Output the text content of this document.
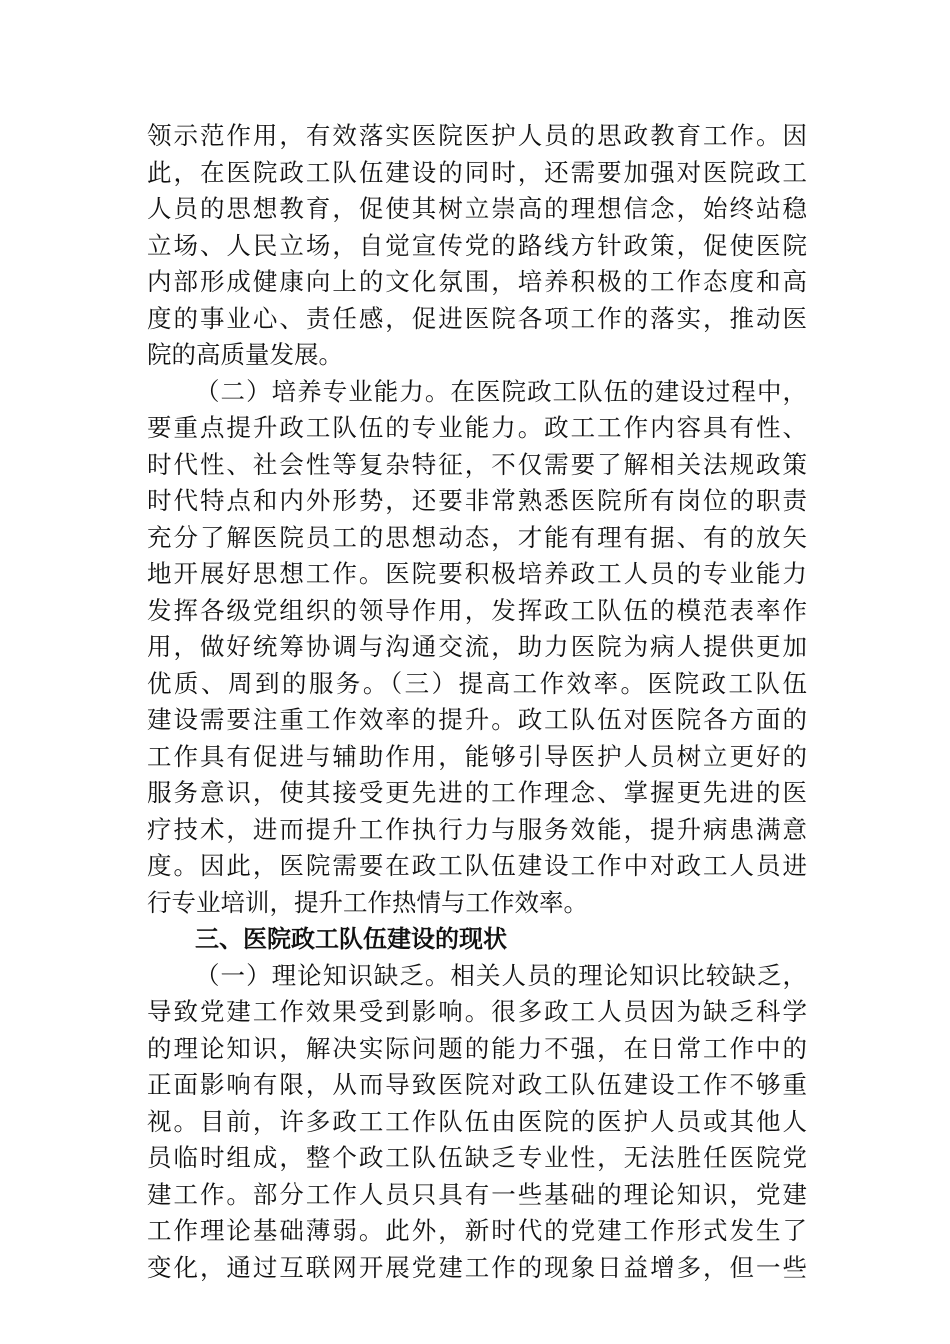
领示范作用，有效落实医院医护人员的思政教育工作。因
此，在医院政工队伍建设的同时，还需要加强对医院政工
人员的思想教育，促使其树立崇高的理想信念，始终站稳
立场、人民立场，自觉宣传党的路线方针政策，促使医院
内部形成健康向上的文化氛围，培养积极的工作态度和高
度的事业心、责任感，促进医院各项工作的落实，推动医
院的高质量发展。
（二）培养专业能力。在医院政工队伍的建设过程中，
要重点提升政工队伍的专业能力。政工工作内容具有性、
时代性、社会性等复杂特征，不仅需要了解相关法规政策
时代特点和内外形势，还要非常熟悉医院所有岗位的职责
充分了解医院员工的思想动态，才能有理有据、有的放矢
地开展好思想工作。医院要积极培养政工人员的专业能力
发挥各级党组织的领导作用，发挥政工队伍的模范表率作
用，做好统筹协调与沟通交流，助力医院为病人提供更加
优质、周到的服务。（三）提高工作效率。医院政工队伍
建设需要注重工作效率的提升。政工队伍对医院各方面的
工作具有促进与辅助作用，能够引导医护人员树立更好的
服务意识，使其接受更先进的工作理念、掌握更先进的医
疗技术，进而提升工作执行力与服务效能，提升病患满意
度。因此，医院需要在政工队伍建设工作中对政工人员进
行专业培训，提升工作热情与工作效率。
三、医院政工队伍建设的现状
（一）理论知识缺乏。相关人员的理论知识比较缺乏，
导致党建工作效果受到影响。很多政工人员因为缺乏科学
的理论知识，解决实际问题的能力不强，在日常工作中的
正面影响有限，从而导致医院对政工队伍建设工作不够重
视。目前，许多政工工作队伍由医院的医护人员或其他人
员临时组成，整个政工队伍缺乏专业性，无法胜任医院党
建工作。部分工作人员只具有一些基础的理论知识，党建
工作理论基础薄弱。此外，新时代的党建工作形式发生了
变化，通过互联网开展党建工作的现象日益增多，但一些
